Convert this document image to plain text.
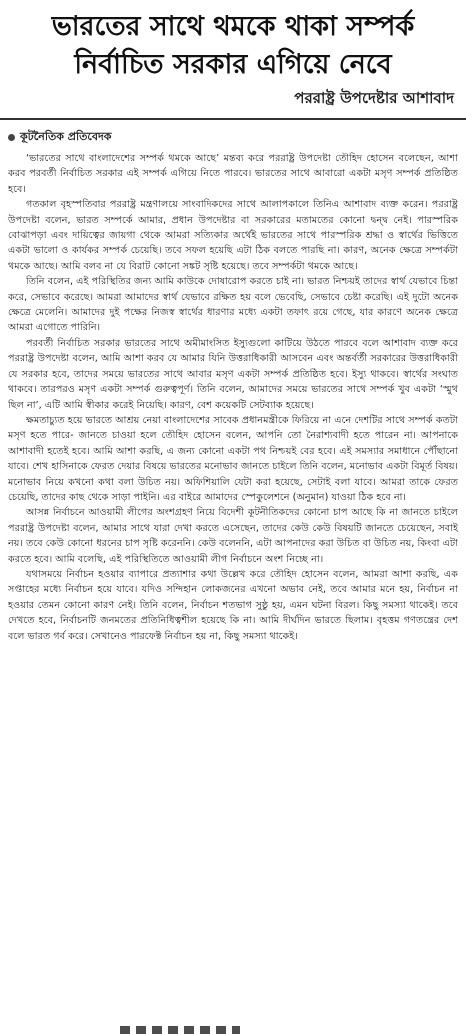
ভারতের সাথে থমকে থাকা সম্পর্ক
নির্বাচিত সরকার এগিয়ে নেবে
পররাষ্ট্র উপদেষ্টার আশাবাদ
কূটনৈতিক প্রতিবেদক

‘ভারতের সাথে বাংলাদেশের সম্পর্ক থমকে আছে’ মন্তব্য করে পররাষ্ট্র উপদেষ্টা তৌহিদ হোসেন বলেছেন, আশা করব পরবর্তী নির্বাচিত সরকার এই সম্পর্ক এগিয়ে নিতে পারবে। ভারতের সাথে আবারো একটা মসৃণ সম্পর্ক প্রতিষ্ঠিত হবে।

গতকাল বৃহস্পতিবার পররাষ্ট্র মন্ত্রণালয়ে সাংবাদিকদের সাথে আলাপকালে তিনিএ আশাবাদ ব্যক্ত করেন। পররাষ্ট্র উপদেষ্টা বলেন, ভারত সম্পর্কে আমার, প্রধান উপদেষ্টার বা সরকারের মতামতের কোনো দ্বন্দ্ব নেই। পারস্পরিক বোঝাপড়া এবং দায়িত্বের জায়গা থেকে আমরা সত্যিকার অর্থেই ভারতের সাথে পারস্পরিক শ্রদ্ধা ও স্বার্থের ভিত্তিতে একটা ভালো ও কার্যকর সম্পর্ক চেয়েছি। তবে সফল হয়েছি এটা ঠিক বলতে পারছি না। কারণ, অনেক ক্ষেত্রে সম্পর্কটা থমকে আছে। আমি বলব না যে বিরাট কোনো সঙ্কট সৃষ্টি হয়েছে। তবে সম্পর্কটা থমকে আছে।

তিনি বলেন, এই পরিস্থিতির জন্য আমি কাউকে দোষারোপ করতে চাই না। ভারত নিশ্চয়ই তাদের স্বার্থ যেভাবে চিন্তা করে, সেভাবে করেছে। আমরা আমাদের স্বার্থ যেভাবে রক্ষিত হয় বলে ভেবেছি, সেভাবে চেষ্টা করেছি। এই দুটো অনেক ক্ষেত্রে মেলেনি। আমাদের দুই পক্ষের নিজস্ব স্বার্থের ধারণার মধ্যে একটা তফাৎ রয়ে গেছে, যার কারণে অনেক ক্ষেত্রে আমরা এগোতে পারিনি।

পরবর্তী নির্বাচিত সরকার ভারতের সাথে অমীমাংসিত ইস্যুগুলো কাটিয়ে উঠতে পারবে বলে আশাবাদ ব্যক্ত করে পররাষ্ট্র উপদেষ্টা বলেন, আমি আশা করব যে আমার যিনি উত্তরাধিকারী আসবেন এবং অন্তর্বর্তী সরকারের উত্তরাধিকারী যে সরকার হবে, তাদের সময়ে ভারতের সাথে আবার মসৃণ একটা সম্পর্ক প্রতিষ্ঠিত হবে। ইস্যু থাকবে। স্বার্থের সংঘাত থাকবে। তারপরও মসৃণ একটা সম্পর্ক গুরুত্বপূর্ণ। তিনি বলেন, আমাদের সময়ে ভারতের সাথে সম্পর্ক খুব একটা ‘স্মুথ ছিল না’, এটি আমি স্বীকার করেই নিয়েছি। কারণ, বেশ কয়েকটি সেটব্যাক হয়েছে।

ক্ষমতাচ্যুত হয়ে ভারতে আশ্রয় নেয়া বাংলাদেশের সাবেক প্রধানমন্ত্রীকে ফিরিয়ে না এনে দেশটির সাথে সম্পর্ক কতটা মসৃণ হতে পারে- জানতে চাওয়া হলে তৌহিদ হোসেন বলেন, আপনি তো নৈরাশ্যবাদী হতে পারেন না। আপনাকে আশাবাদী হতেই হবে। আমি আশা করছি, এ জন্য কোনো একটা পথ নিশ্চয়ই বের হবে। এই সমস্যার সমাধানে পৌঁছানো যাবে। শেখ হাসিনাকে ফেরত দেয়ার বিষয়ে ভারতের মনোভাব জানতে চাইলে তিনি বলেন, মনোভাব একটা বিমূর্ত বিষয়। মনোভাব নিয়ে কখনো কথা বলা উচিত নয়। অফিশিয়ালি যেটা করা হয়েছে, সেটাই বলা যাবে। আমরা তাকে ফেরত চেয়েছি, তাদের কাছ থেকে সাড়া পাইনি। এর বাইরে আমাদের স্পেকুলেশনে (অনুমান) যাওয়া ঠিক হবে না।

আসন্ন নির্বাচনে আওয়ামী লীগের অংশগ্রহণ নিয়ে বিদেশী কূটনীতিকদের কোনো চাপ আছে কি না জানতে চাইলে পররাষ্ট্র উপদেষ্টা বলেন, আমার সাথে যারা দেখা করতে এসেছেন, তাদের কেউ কেউ বিষয়টি জানতে চেয়েছেন, সবাই নয়। তবে কেউ কোনো ধরনের চাপ সৃষ্টি করেননি। কেউ বলেননি, এটা আপনাদের করা উচিত বা উচিত নয়, কিংবা এটা করতে হবে। আমি বলেছি, এই পরিস্থিতিতে আওয়ামী লীগ নির্বাচনে অংশ নিচ্ছে না।

যথাসময়ে নির্বাচন হওয়ার ব্যাপারে প্রত্যাশার কথা উল্লেখ করে তৌহিদ হোসেন বলেন, আমরা আশা করছি, এক সপ্তাহের মধ্যে নির্বাচন হয়ে যাবে। যদিও সন্দিহান লোকজনের এখনো অভাব নেই, তবে আমার মনে হয়, নির্বাচন না হওয়ার তেমন কোনো কারণ নেই। তিনি বলেন, নির্বাচন শতভাগ সুষ্ঠু হয়, এমন ঘটনা বিরল। কিছু সমস্যা থাকেই। তবে দেখতে হবে, নির্বাচনটি জনমতের প্রতিনিধিত্বশীল হয়েছে কি না। আমি দীর্ঘদিন ভারতে ছিলাম। বৃহত্তম গণতন্ত্রের দেশ বলে ভারত গর্ব করে। সেখানেও পারফেক্ট নির্বাচন হয় না, কিছু সমস্যা থাকেই।
